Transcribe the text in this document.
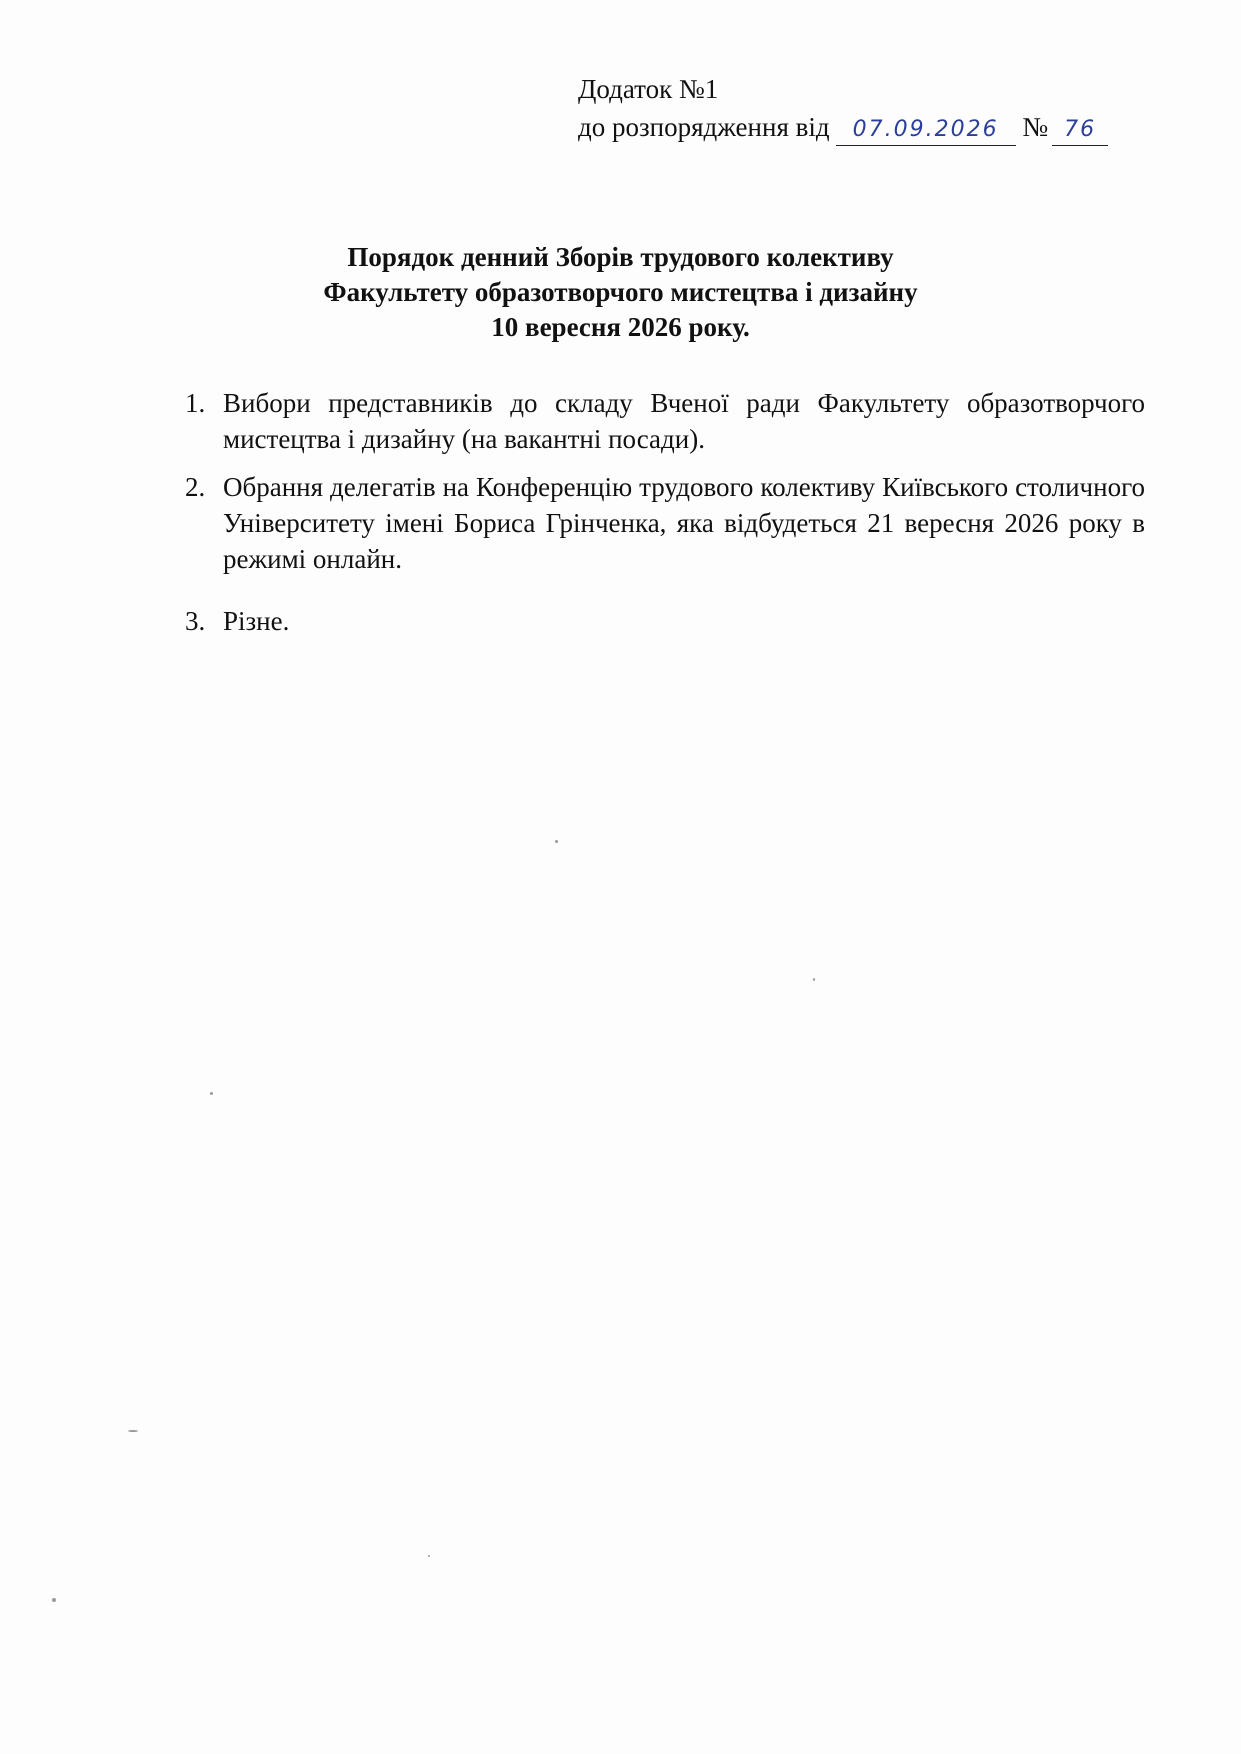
Додаток №1
до розпорядження від 07.09.2026 № 76
Порядок денний Зборів трудового колективу
Факультету образотворчого мистецтва і дизайну
10 вересня 2026 року.
1. Вибори представників до складу Вченої ради Факультету образотворчого мистецтва і дизайну (на вакантні посади).
2. Обрання делегатів на Конференцію трудового колективу Київського столичного Університету імені Бориса Грінченка, яка відбудеться 21 вересня 2026 року в режимі онлайн.
3. Різне.
